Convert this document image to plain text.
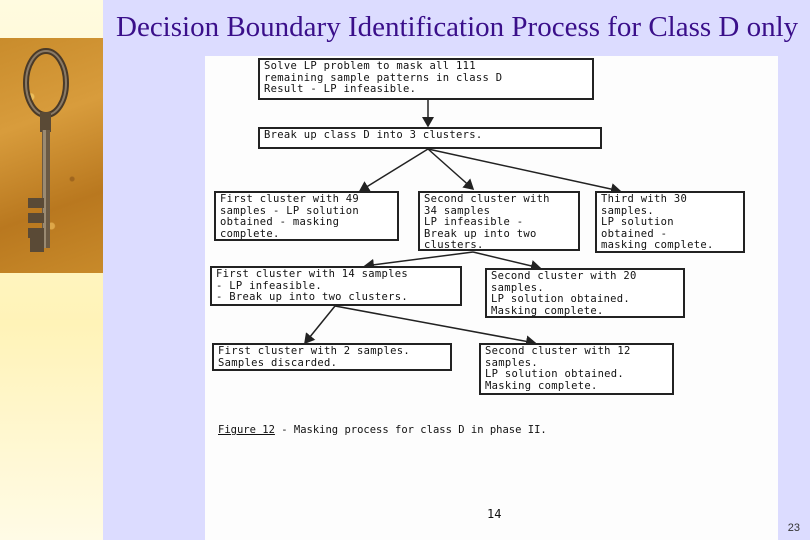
Decision Boundary Identification Process for Class D only
Solve LP problem to mask all 111
remaining sample patterns in class D
Result - LP infeasible.
Break up class D into 3 clusters.
First cluster with 49
samples - LP solution
obtained - masking
complete.
Second cluster with
34 samples
LP infeasible -
Break up into two
clusters.
Third with 30
samples.
LP solution
obtained -
masking complete.
First cluster with 14 samples
- LP infeasible.
- Break up into two clusters.
Second cluster with 20
samples.
LP solution obtained.
Masking complete.
First cluster with 2 samples.
Samples discarded.
Second cluster with 12
samples.
LP solution obtained.
Masking complete.
Figure 12 - Masking process for class D in phase II.
14
23
